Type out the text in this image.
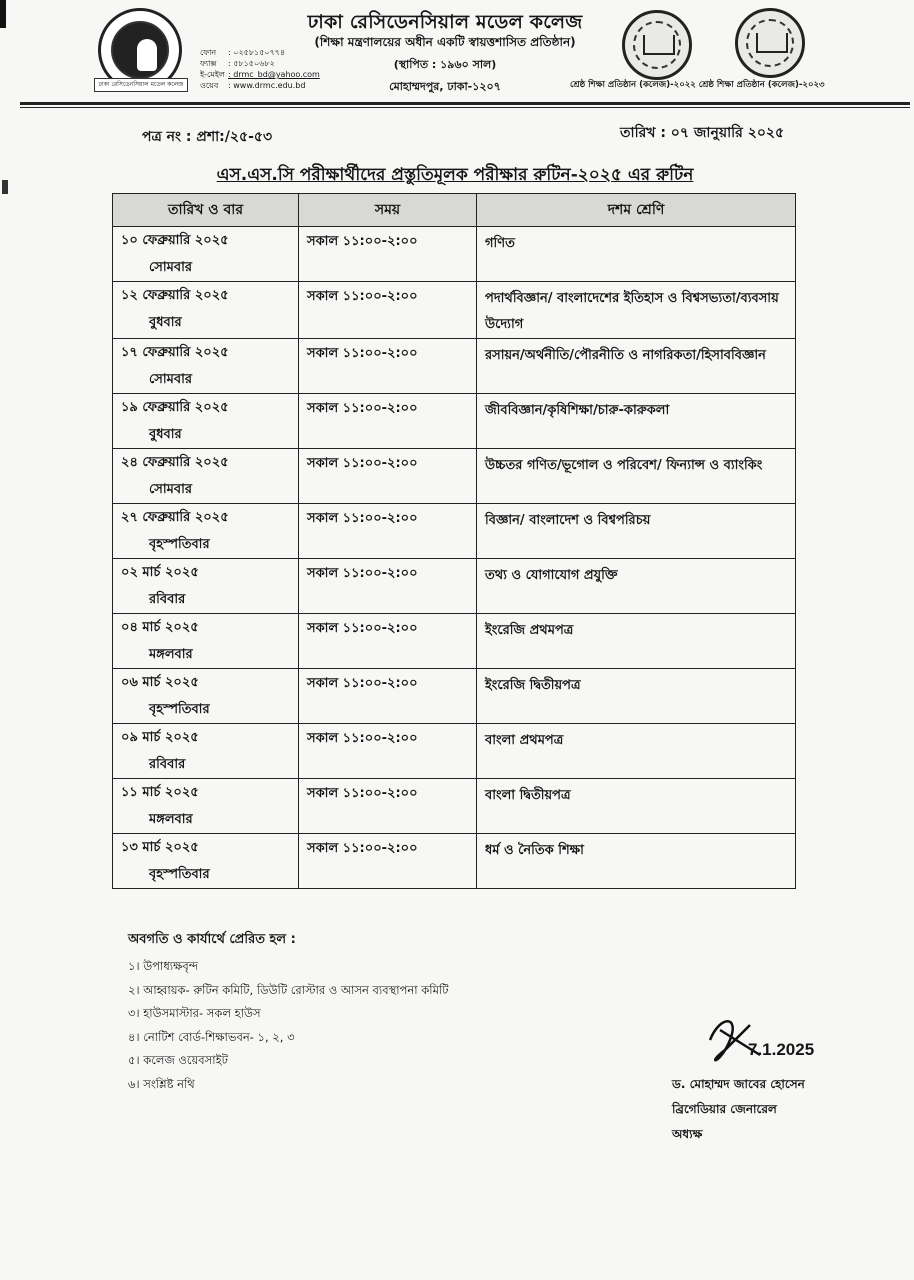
ঢাকা রেসিডেনসিয়াল মডেল কলেজ
ফোন	: ০২৫৮১৫০৭৭৪
ফ্যাক্স	: ৫৮১৫০৬৮২
ই-মেইল : drmc_bd@yahoo.com
ওয়েব	: www.drmc.edu.bd
ঢাকা রেসিডেনসিয়াল মডেল কলেজ
(শিক্ষা মন্ত্রণালয়ের অধীন একটি স্বায়ত্তশাসিত প্রতিষ্ঠান)
(স্থাপিত : ১৯৬০ সাল)
মোহাম্মদপুর, ঢাকা-১২০৭	শ্রেষ্ঠ শিক্ষা প্রতিষ্ঠান (কলেজ)-২০২২ শ্রেষ্ঠ শিক্ষা প্রতিষ্ঠান (কলেজ)-২০২৩
পত্র নং : প্রশা:/২৫-৫৩	তারিখ : ০৭ জানুয়ারি ২০২৫
এস.এস.সি পরীক্ষার্থীদের প্রস্তুতিমূলক পরীক্ষার রুটিন-২০২৫ এর রুটিন
তারিখ ও বার	সময়	দশম শ্রেণি

১০ ফেব্রুয়ারি ২০২৫
সোমবার	সকাল ১১:০০-২:০০	গণিত

১২ ফেব্রুয়ারি ২০২৫
বুধবার	সকাল ১১:০০-২:০০	পদার্থবিজ্ঞান/ বাংলাদেশের ইতিহাস ও বিশ্বসভ্যতা/ব্যবসায় উদ্যোগ

১৭ ফেব্রুয়ারি ২০২৫
সোমবার	সকাল ১১:০০-২:০০	রসায়ন/অর্থনীতি/পৌরনীতি ও নাগরিকতা/হিসাববিজ্ঞান

১৯ ফেব্রুয়ারি ২০২৫
বুধবার	সকাল ১১:০০-২:০০	জীববিজ্ঞান/কৃষিশিক্ষা/চারু-কারুকলা

২৪ ফেব্রুয়ারি ২০২৫
সোমবার	সকাল ১১:০০-২:০০	উচ্চতর গণিত/ভূগোল ও পরিবেশ/ ফিন্যান্স ও ব্যাংকিং

২৭ ফেব্রুয়ারি ২০২৫
বৃহস্পতিবার	সকাল ১১:০০-২:০০	বিজ্ঞান/ বাংলাদেশ ও বিশ্বপরিচয়

০২ মার্চ ২০২৫
রবিবার	সকাল ১১:০০-২:০০	তথ্য ও যোগাযোগ প্রযুক্তি

০৪ মার্চ ২০২৫
মঙ্গলবার	সকাল ১১:০০-২:০০	ইংরেজি প্রথমপত্র

০৬ মার্চ ২০২৫
বৃহস্পতিবার	সকাল ১১:০০-২:০০	ইংরেজি দ্বিতীয়পত্র

০৯ মার্চ ২০২৫
রবিবার	সকাল ১১:০০-২:০০	বাংলা প্রথমপত্র

১১ মার্চ ২০২৫
মঙ্গলবার	সকাল ১১:০০-২:০০	বাংলা দ্বিতীয়পত্র

১৩ মার্চ ২০২৫
বৃহস্পতিবার	সকাল ১১:০০-২:০০	ধর্ম ও নৈতিক শিক্ষা
অবগতি ও কার্যার্থে প্রেরিত হল :
১। উপাধ্যক্ষবৃন্দ
২। আহ্বায়ক- রুটিন কমিটি, ডিউটি রোস্টার ও আসন ব্যবস্থাপনা কমিটি
৩। হাউসমাস্টার- সকল হাউস
৪। নোটিশ বোর্ড-শিক্ষাভবন- ১, ২, ৩
৫। কলেজ ওয়েবসাইট
৬। সংশ্লিষ্ট নথি
7.1.2025
ড. মোহাম্মদ জাবের হোসেন
ব্রিগেডিয়ার জেনারেল
অধ্যক্ষ
